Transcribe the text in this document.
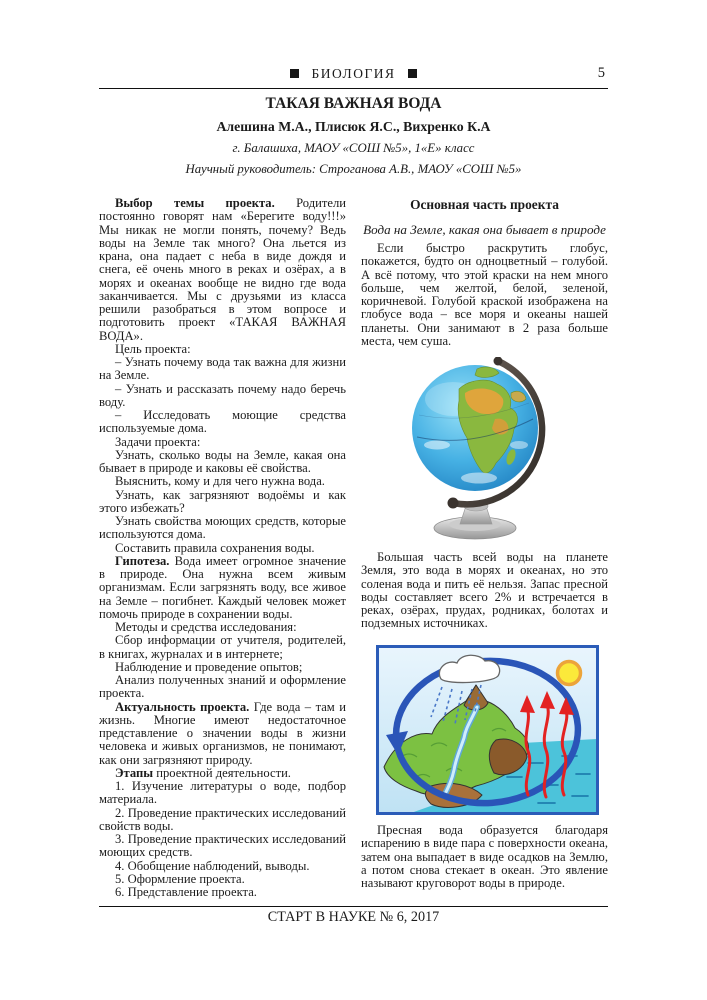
БИОЛОГИЯ	5
ТАКАЯ ВАЖНАЯ ВОДА
Алешина М.А., Плисюк Я.С., Вихренко К.А
г. Балашиха, МАОУ «СОШ №5», 1«Е» класс
Научный руководитель: Строганова А.В., МАОУ «СОШ №5»

Выбор темы проекта. Родители постоянно говорят нам «Берегите воду!!!» Мы никак не могли понять, почему? Ведь воды на Земле так много? Она льется из крана, она падает с неба в виде дождя и снега, её очень много в реках и озёрах, а в морях и океанах вообще не видно где вода заканчивается. Мы с друзьями из класса решили разобраться в этом вопросе и подготовить проект «ТАКАЯ ВАЖНАЯ ВОДА».

Цель проекта:

– Узнать почему вода так важна для жизни на Земле.

– Узнать и рассказать почему надо беречь воду.

– Исследовать моющие средства используемые дома.

Задачи проекта:

Узнать, сколько воды на Земле, какая она бывает в природе и каковы её свойства.

Выяснить, кому и для чего нужна вода.

Узнать, как загрязняют водоёмы и как этого избежать?

Узнать свойства моющих средств, которые используются дома.

Составить правила сохранения воды.

Гипотеза. Вода имеет огромное значение в природе. Она нужна всем живым организмам. Если загрязнять воду, все живое на Земле – погибнет. Каждый человек может помочь природе в сохранении воды.

Методы и средства исследования:

Сбор информации от учителя, родителей, в книгах, журналах и в интернете;

Наблюдение и проведение опытов;

Анализ полученных знаний и оформление проекта.

Актуальность проекта. Где вода – там и жизнь. Многие имеют недостаточное представление о значении воды в жизни человека и живых организмов, не понимают, как они загрязняют природу.

Этапы проектной деятельности.

1. Изучение литературы о воде, подбор материала.

2. Проведение практических исследований свойств воды.

3. Проведение практических исследований моющих средств.

4. Обобщение наблюдений, выводы.

5. Оформление проекта.

6. Представление проекта.

Основная часть проекта
Вода на Земле, какая она бывает в природе

Если быстро раскрутить глобус, покажется, будто он одноцветный – голубой. А всё потому, что этой краски на нем много больше, чем желтой, белой, зеленой, коричневой. Голубой краской изображена на глобусе вода – все моря и океаны нашей планеты. Они занимают в 2 раза больше места, чем суша.

Большая часть всей воды на планете Земля, это вода в морях и океанах, но это соленая вода и пить её нельзя. Запас пресной воды составляет всего 2% и встречается в реках, озёрах, прудах, родниках, болотах и подземных источниках.

Пресная вода образуется благодаря испарению в виде пара с поверхности океана, затем она выпадает в виде осадков на Землю, а потом снова стекает в океан. Это явление называют круговорот воды в природе.

СТАРТ В НАУКЕ № 6, 2017
